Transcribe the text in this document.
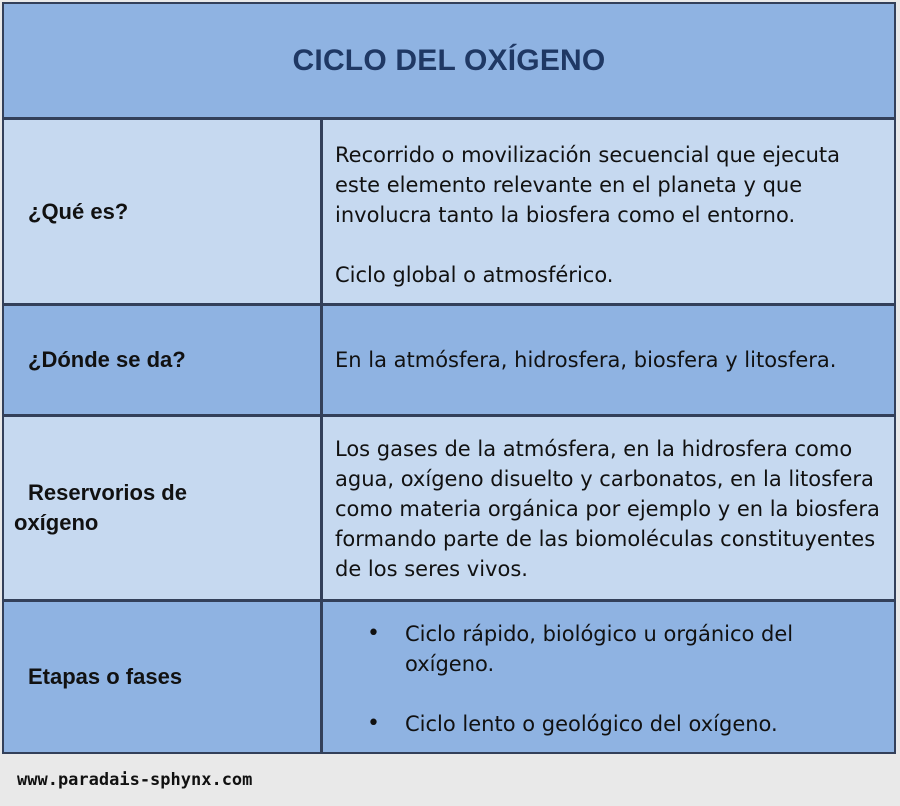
CICLO DEL OXÍGENO
¿Qué es?

Recorrido o movilización secuencial que ejecuta este elemento relevante en el planeta y que involucra tanto la biosfera como el entorno.

Ciclo global o atmosférico.

¿Dónde se da?	En la atmósfera, hidrosfera, biosfera y litosfera.

Reservorios de
oxígeno

Los gases de la atmósfera, en la hidrosfera como agua, oxígeno disuelto y carbonatos, en la litosfera como materia orgánica por ejemplo y en la biosfera formando parte de las biomoléculas constituyentes de los seres vivos.

Etapas o fases
• Ciclo rápido, biológico u orgánico del oxígeno.
• Ciclo lento o geológico del oxígeno.
www.paradais-sphynx.com
